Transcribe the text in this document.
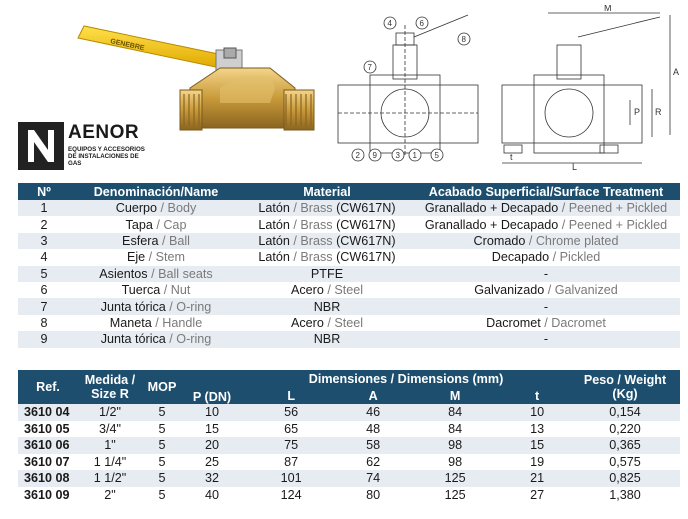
GENEBRE
AENOR
EQUIPOS Y ACCESORIOS DE INSTALACIONES DE GAS
4	6
8
7
2 9 3 1 5
M
A
P R
L
t
Nº	Denominación/Name	Material	Acabado Superficial/Surface Treatment
1	Cuerpo / Body	Latón / Brass (CW617N)	Granallado + Decapado / Peened + Pickled
2	Tapa / Cap	Latón / Brass (CW617N)	Granallado + Decapado / Peened + Pickled
3	Esfera / Ball	Latón / Brass (CW617N)	Cromado / Chrome plated
4	Eje / Stem	Latón / Brass (CW617N)	Decapado / Pickled
5	Asientos / Ball seats	PTFE	-
6	Tuerca / Nut	Acero / Steel	Galvanizado / Galvanized
7	Junta tórica / O-ring	NBR	-
8	Maneta / Handle	Acero / Steel	Dacromet / Dacromet
9	Junta tórica / O-ring	NBR	-
Ref.	Medida / Size R	MOP	P (DN)	Dimensiones / Dimensions (mm)				Peso / Weight (Kg)
				L	A	M	t	
3610 04	1/2"	5	10	56	46	84	10	0,154
3610 05	3/4"	5	15	65	48	84	13	0,220
3610 06	1"	5	20	75	58	98	15	0,365
3610 07	1 1/4"	5	25	87	62	98	19	0,575
3610 08	1 1/2"	5	32	101	74	125	21	0,825
3610 09	2"	5	40	124	80	125	27	1,380
